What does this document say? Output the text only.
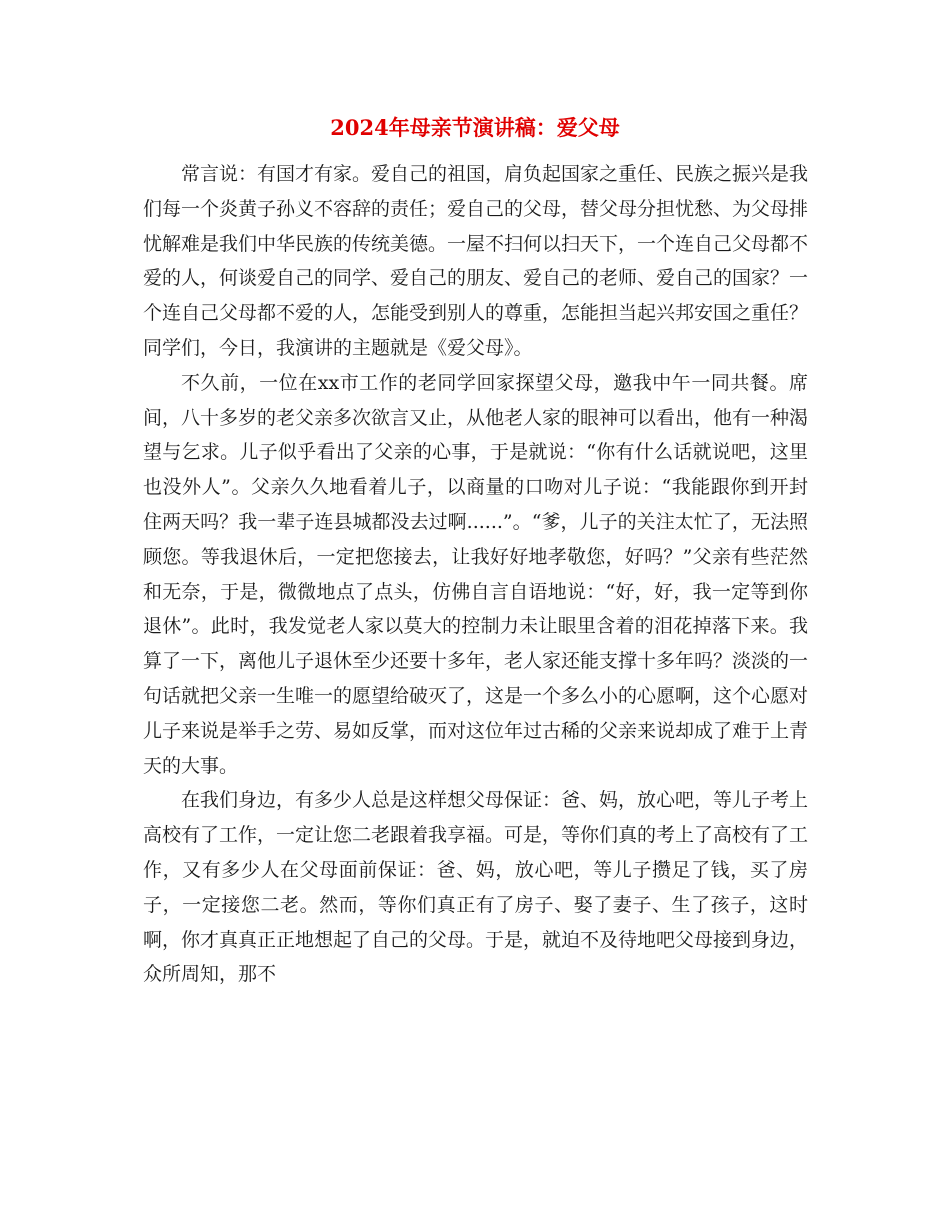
2024年母亲节演讲稿：爱父母

常言说：有国才有家。爱自己的祖国，肩负起国家之重任、民族之振兴是我们每一个炎黄子孙义不容辞的责任；爱自己的父母，替父母分担忧愁、为父母排忧解难是我们中华民族的传统美德。一屋不扫何以扫天下，一个连自己父母都不爱的人，何谈爱自己的同学、爱自己的朋友、爱自己的老师、爱自己的国家？一个连自己父母都不爱的人，怎能受到别人的尊重，怎能担当起兴邦安国之重任？同学们，今日，我演讲的主题就是《爱父母》。

不久前，一位在xx市工作的老同学回家探望父母，邀我中午一同共餐。席间，八十多岁的老父亲多次欲言又止，从他老人家的眼神可以看出，他有一种渴望与乞求。儿子似乎看出了父亲的心事，于是就说：“你有什么话就说吧，这里也没外人”。父亲久久地看着儿子，以商量的口吻对儿子说：“我能跟你到开封住两天吗？我一辈子连县城都没去过啊......”。“爹，儿子的关注太忙了，无法照顾您。等我退休后，一定把您接去，让我好好地孝敬您，好吗？”父亲有些茫然和无奈，于是，微微地点了点头，仿佛自言自语地说：“好，好，我一定等到你退休”。此时，我发觉老人家以莫大的控制力未让眼里含着的泪花掉落下来。我算了一下，离他儿子退休至少还要十多年，老人家还能支撑十多年吗？淡淡的一句话就把父亲一生唯一的愿望给破灭了，这是一个多么小的心愿啊，这个心愿对儿子来说是举手之劳、易如反掌，而对这位年过古稀的父亲来说却成了难于上青天的大事。

在我们身边，有多少人总是这样想父母保证：爸、妈，放心吧，等儿子考上高校有了工作，一定让您二老跟着我享福。可是，等你们真的考上了高校有了工作，又有多少人在父母面前保证：爸、妈，放心吧，等儿子攒足了钱，买了房子，一定接您二老。然而，等你们真正有了房子、娶了妻子、生了孩子，这时啊，你才真真正正地想起了自己的父母。于是，就迫不及待地吧父母接到身边，众所周知，那不
